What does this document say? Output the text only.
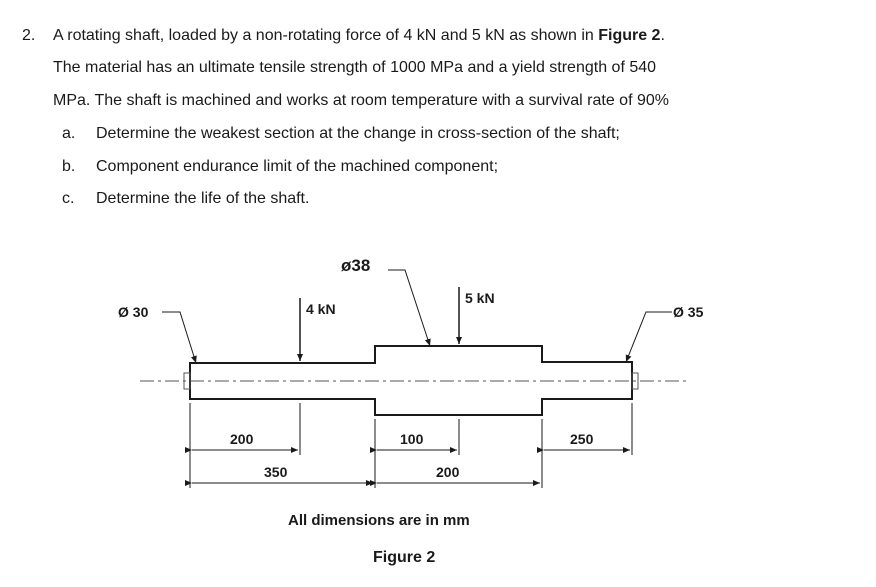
2. A rotating shaft, loaded by a non-rotating force of 4 kN and 5 kN as shown in Figure 2.
The material has an ultimate tensile strength of 1000 MPa and a yield strength of 540
MPa. The shaft is machined and works at room temperature with a survival rate of 90%
a. Determine the weakest section at the change in cross-section of the shaft;
b. Component endurance limit of the machined component;
c. Determine the life of the shaft.
Ø 30
ø38
Ø 35
4 kN
5 kN
200	100	250
350	200
All dimensions are in mm
Figure 2
